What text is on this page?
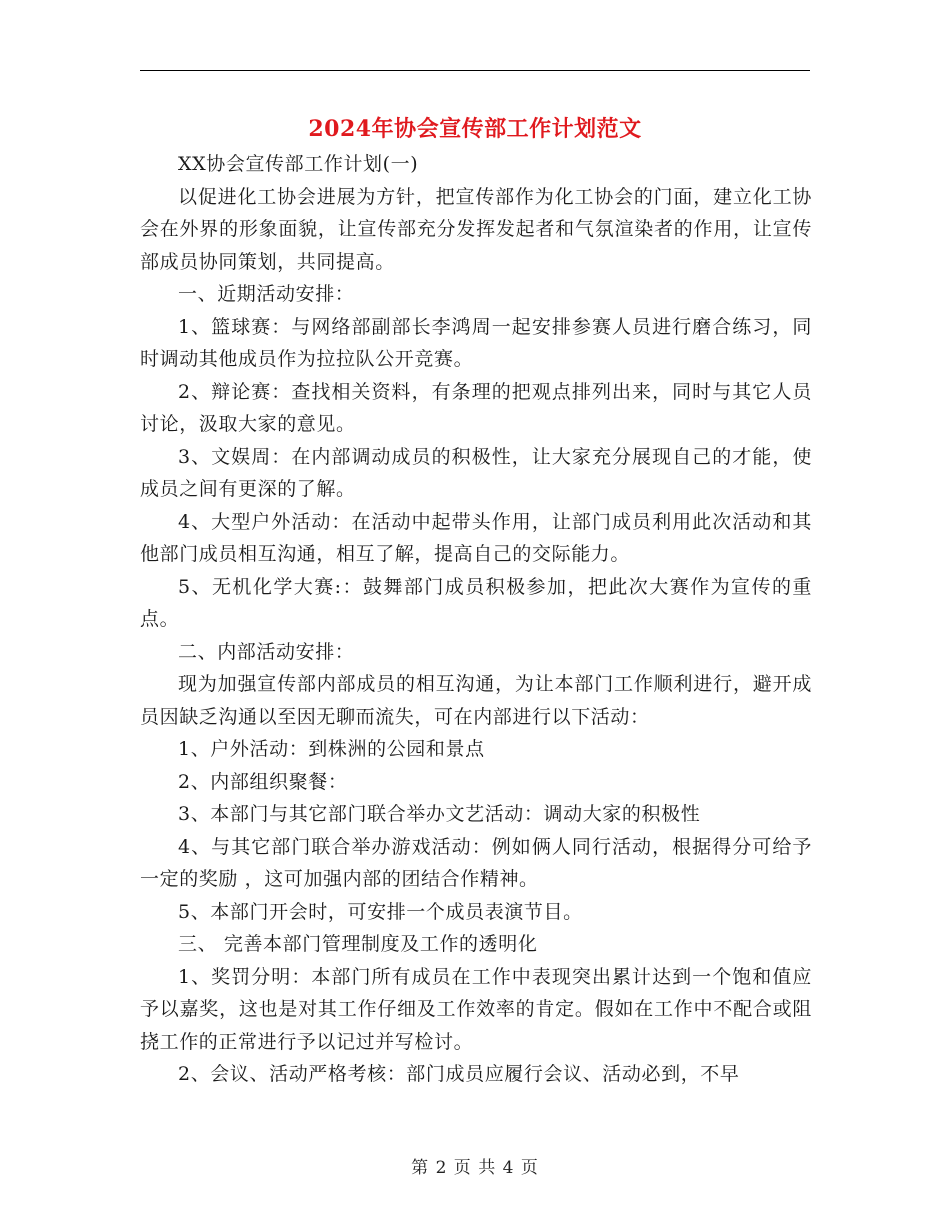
2024年协会宣传部工作计划范文

XX协会宣传部工作计划(一)

以促进化工协会进展为方针，把宣传部作为化工协会的门面，建立化工协会在外界的形象面貌，让宣传部充分发挥发起者和气氛渲染者的作用，让宣传部成员协同策划，共同提高。

一、近期活动安排：

1、篮球赛：与网络部副部长李鸿周一起安排参赛人员进行磨合练习，同时调动其他成员作为拉拉队公开竞赛。

2、辩论赛：查找相关资料，有条理的把观点排列出来，同时与其它人员讨论，汲取大家的意见。

3、文娱周：在内部调动成员的积极性，让大家充分展现自己的才能，使成员之间有更深的了解。

4、大型户外活动：在活动中起带头作用，让部门成员利用此次活动和其他部门成员相互沟通，相互了解，提高自己的交际能力。

5、无机化学大赛:：鼓舞部门成员积极参加，把此次大赛作为宣传的重点。

二、内部活动安排：

现为加强宣传部内部成员的相互沟通，为让本部门工作顺利进行，避开成员因缺乏沟通以至因无聊而流失，可在内部进行以下活动：

1、户外活动：到株洲的公园和景点

2、内部组织聚餐：

3、本部门与其它部门联合举办文艺活动：调动大家的积极性

4、与其它部门联合举办游戏活动：例如俩人同行活动，根据得分可给予一定的奖励 ，这可加强内部的团结合作精神。

5、本部门开会时，可安排一个成员表演节目。

三、 完善本部门管理制度及工作的透明化

1、奖罚分明：本部门所有成员在工作中表现突出累计达到一个饱和值应予以嘉奖，这也是对其工作仔细及工作效率的肯定。假如在工作中不配合或阻挠工作的正常进行予以记过并写检讨。

2、会议、活动严格考核：部门成员应履行会议、活动必到，不早

第 2 页 共 4 页
